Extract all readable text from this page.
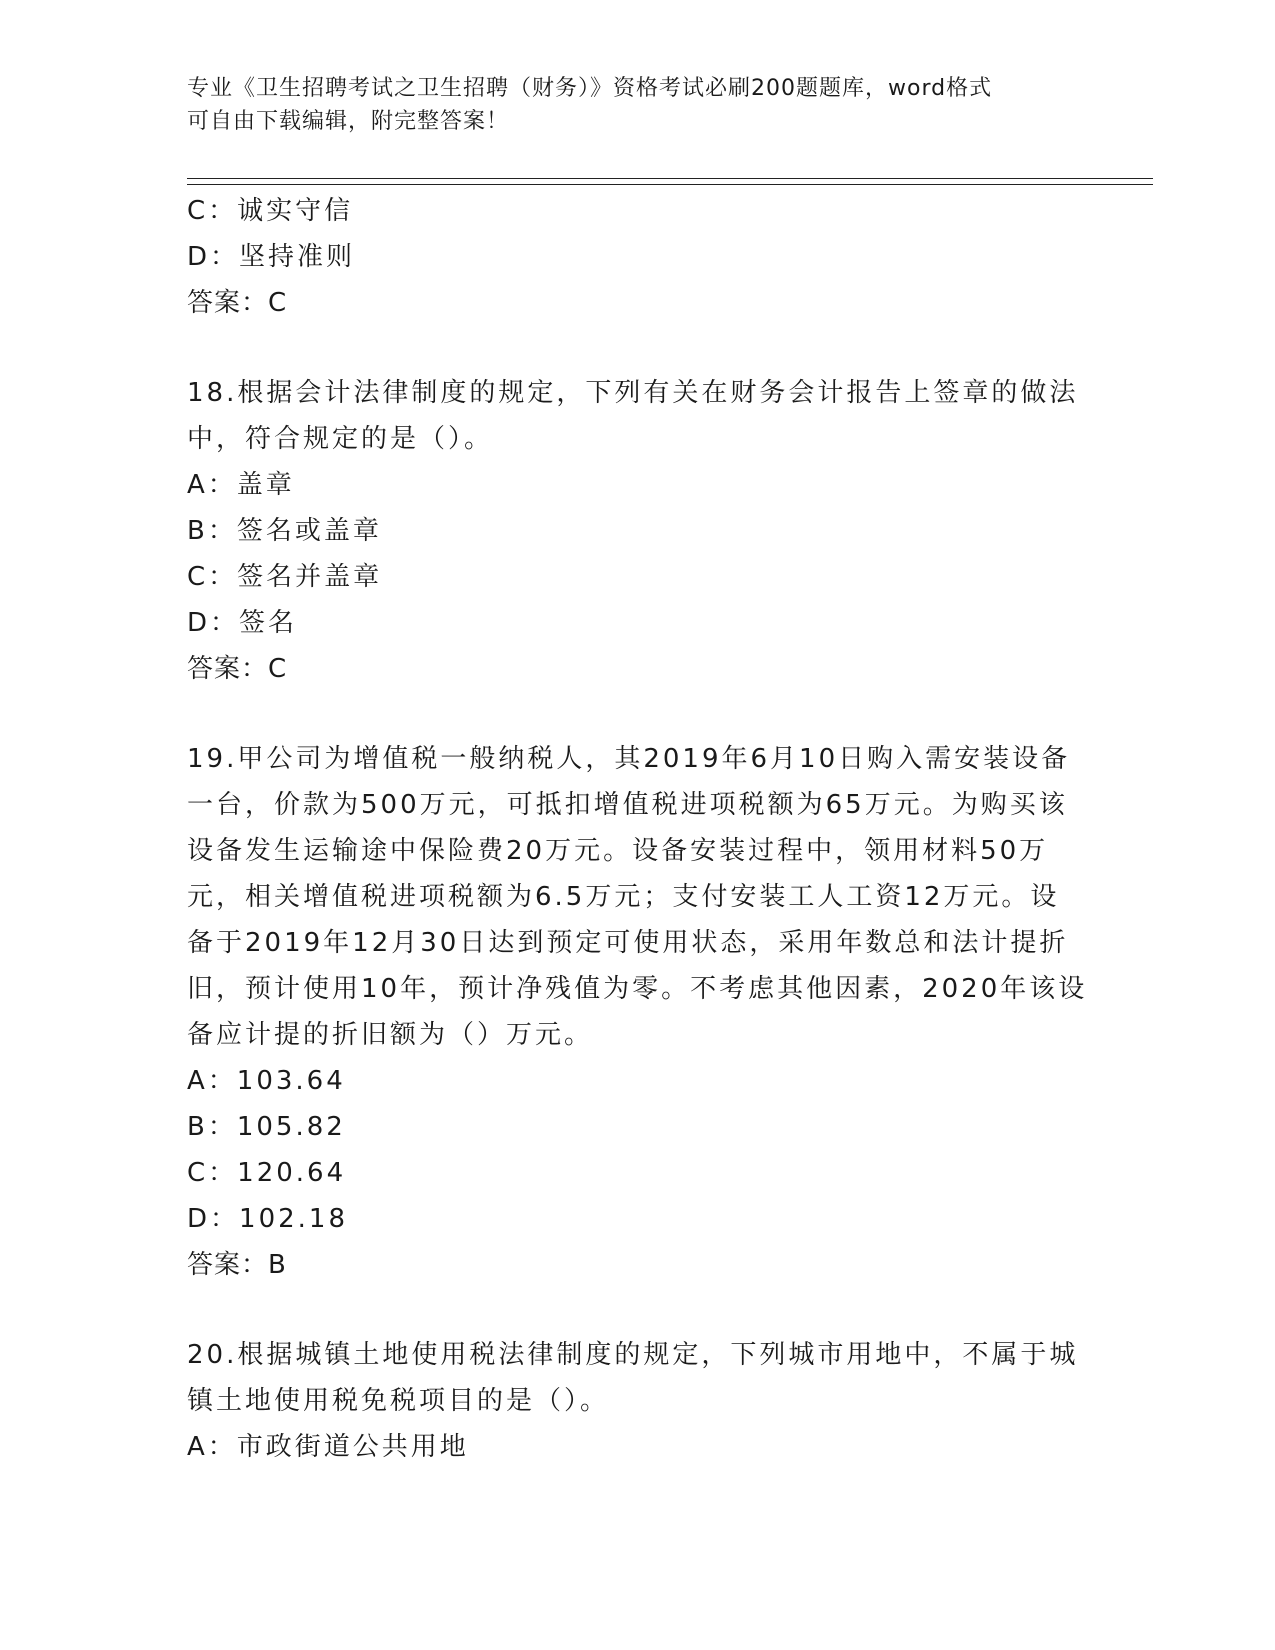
专业《卫生招聘考试之卫生招聘（财务）》资格考试必刷200题题库，word格式
可自由下载编辑，附完整答案！
C：诚实守信
D：坚持准则
答案：C
18.根据会计法律制度的规定，下列有关在财务会计报告上签章的做法
中，符合规定的是（）。
A：盖章
B：签名或盖章
C：签名并盖章
D：签名
答案：C
19.甲公司为增值税一般纳税人，其2019年6月10日购入需安装设备
一台，价款为500万元，可抵扣增值税进项税额为65万元。为购买该
设备发生运输途中保险费20万元。设备安装过程中，领用材料50万
元，相关增值税进项税额为6.5万元；支付安装工人工资12万元。设
备于2019年12月30日达到预定可使用状态，采用年数总和法计提折
旧，预计使用10年，预计净残值为零。不考虑其他因素，2020年该设
备应计提的折旧额为（）万元。
A：103.64
B：105.82
C：120.64
D：102.18
答案：B
20.根据城镇土地使用税法律制度的规定，下列城市用地中，不属于城
镇土地使用税免税项目的是（）。
A：市政街道公共用地
